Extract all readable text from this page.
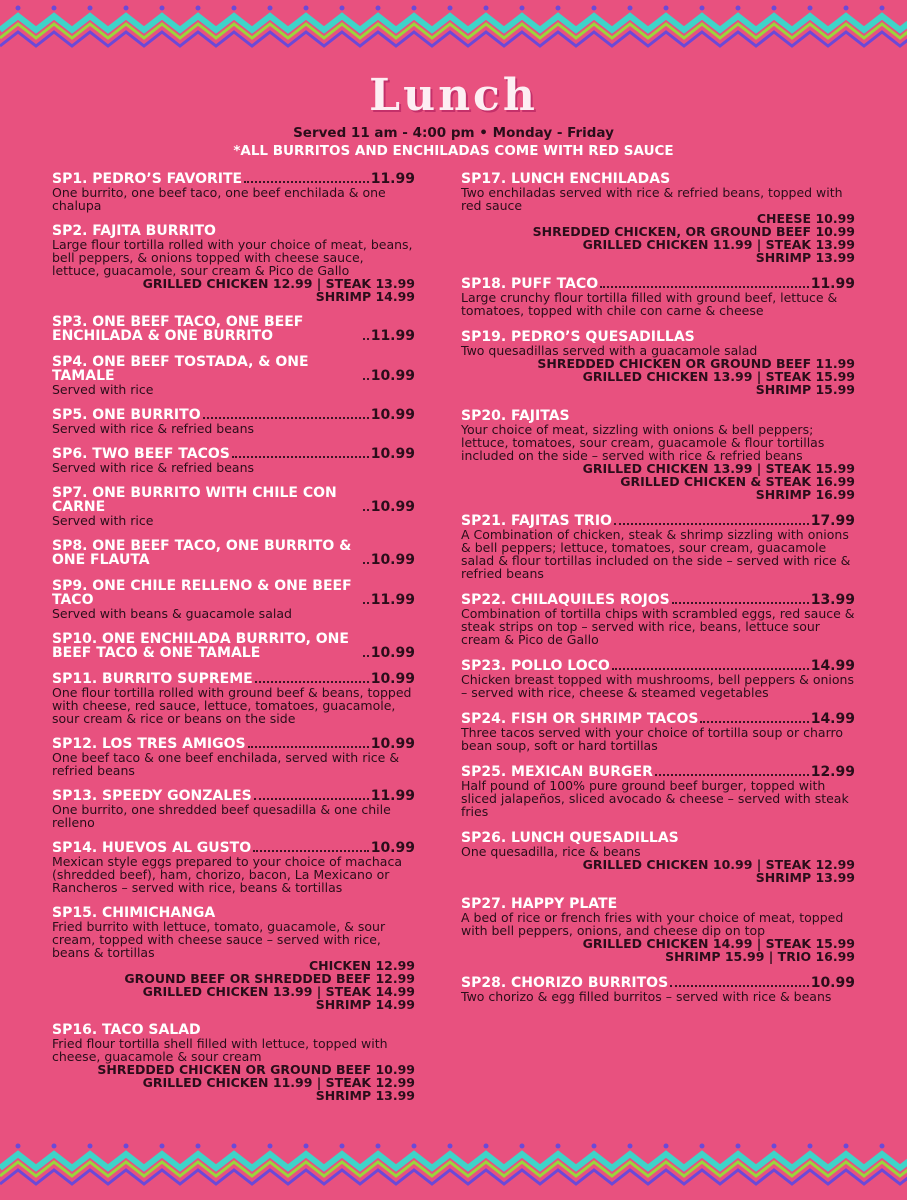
Lunch
Served 11 am - 4:00 pm • Monday - Friday
*ALL BURRITOS AND ENCHILADAS COME WITH RED SAUCE
SP1. PEDRO’S FAVORITE	11.99
One burrito, one beef taco, one beef enchilada & one chalupa
SP2. FAJITA BURRITO
Large flour tortilla rolled with your choice of meat, beans, bell peppers, & onions topped with cheese sauce, lettuce, guacamole, sour cream & Pico de Gallo
GRILLED CHICKEN 12.99 | STEAK 13.99
SHRIMP 14.99
SP3. ONE BEEF TACO, ONE BEEF ENCHILADA & ONE BURRITO	11.99
SP4. ONE BEEF TOSTADA, & ONE TAMALE	10.99
Served with rice
SP5. ONE BURRITO	10.99
Served with rice & refried beans
SP6. TWO BEEF TACOS	10.99
Served with rice & refried beans
SP7. ONE BURRITO WITH CHILE CON CARNE	10.99
Served with rice
SP8. ONE BEEF TACO, ONE BURRITO & ONE FLAUTA	10.99
SP9. ONE CHILE RELLENO & ONE BEEF TACO	11.99
Served with beans & guacamole salad
SP10. ONE ENCHILADA BURRITO, ONE BEEF TACO & ONE TAMALE	10.99
SP11. BURRITO SUPREME	10.99
One flour tortilla rolled with ground beef & beans, topped with cheese, red sauce, lettuce, tomatoes, guacamole, sour cream & rice or beans on the side
SP12. LOS TRES AMIGOS	10.99
One beef taco & one beef enchilada, served with rice & refried beans
SP13. SPEEDY GONZALES	11.99
One burrito, one shredded beef quesadilla & one chile relleno
SP14. HUEVOS AL GUSTO	10.99
Mexican style eggs prepared to your choice of machaca (shredded beef), ham, chorizo, bacon, La Mexicano or Rancheros – served with rice, beans & tortillas
SP15. CHIMICHANGA
Fried burrito with lettuce, tomato, guacamole, & sour cream, topped with cheese sauce – served with rice, beans & tortillas
CHICKEN 12.99
GROUND BEEF OR SHREDDED BEEF 12.99
GRILLED CHICKEN 13.99 | STEAK 14.99
SHRIMP 14.99
SP16. TACO SALAD
Fried flour tortilla shell filled with lettuce, topped with cheese, guacamole & sour cream
SHREDDED CHICKEN OR GROUND BEEF 10.99
GRILLED CHICKEN 11.99 | STEAK 12.99
SHRIMP 13.99
SP17. LUNCH ENCHILADAS
Two enchiladas served with rice & refried beans, topped with red sauce
CHEESE 10.99
SHREDDED CHICKEN, OR GROUND BEEF 10.99
GRILLED CHICKEN 11.99 | STEAK 13.99
SHRIMP 13.99
SP18. PUFF TACO	11.99
Large crunchy flour tortilla filled with ground beef, lettuce & tomatoes, topped with chile con carne & cheese
SP19. PEDRO’S QUESADILLAS
Two quesadillas served with a guacamole salad
SHREDDED CHICKEN OR GROUND BEEF 11.99
GRILLED CHICKEN 13.99 | STEAK 15.99
SHRIMP 15.99
SP20. FAJITAS
Your choice of meat, sizzling with onions & bell peppers; lettuce, tomatoes, sour cream, guacamole & flour tortillas included on the side – served with rice & refried beans
GRILLED CHICKEN 13.99 | STEAK 15.99
GRILLED CHICKEN & STEAK 16.99
SHRIMP 16.99
SP21. FAJITAS TRIO	17.99
A Combination of chicken, steak & shrimp sizzling with onions & bell peppers; lettuce, tomatoes, sour cream, guacamole salad & flour tortillas included on the side – served with rice & refried beans
SP22. CHILAQUILES ROJOS	13.99
Combination of tortilla chips with scrambled eggs, red sauce & steak strips on top – served with rice, beans, lettuce sour cream & Pico de Gallo
SP23. POLLO LOCO	14.99
Chicken breast topped with mushrooms, bell peppers & onions – served with rice, cheese & steamed vegetables
SP24. FISH OR SHRIMP TACOS	14.99
Three tacos served with your choice of tortilla soup or charro bean soup, soft or hard tortillas
SP25. MEXICAN BURGER	12.99
Half pound of 100% pure ground beef burger, topped with sliced jalapeños, sliced avocado & cheese – served with steak fries
SP26. LUNCH QUESADILLAS
One quesadilla, rice & beans
GRILLED CHICKEN 10.99 | STEAK 12.99
SHRIMP 13.99
SP27. HAPPY PLATE
A bed of rice or french fries with your choice of meat, topped with bell peppers, onions, and cheese dip on top
GRILLED CHICKEN 14.99 | STEAK 15.99
SHRIMP 15.99 | TRIO 16.99
SP28. CHORIZO BURRITOS	10.99
Two chorizo & egg filled burritos – served with rice & beans
